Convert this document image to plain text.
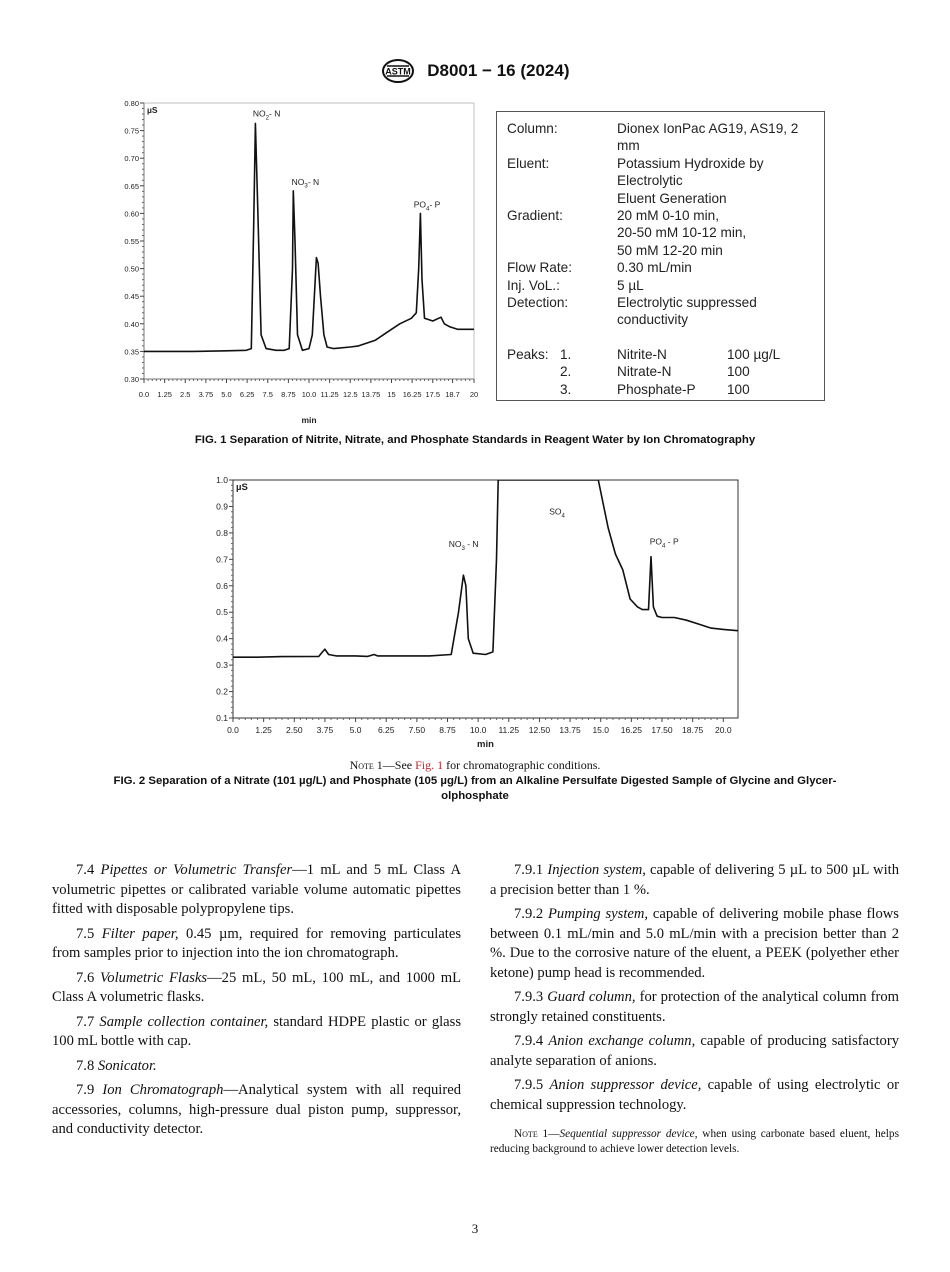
ASTM D8001 − 16 (2024)
0.80
0.75
0.70
0.65
0.60
0.55
0.50
0.45
0.40
0.35
0.30
0.0 1.25 2.5 3.75 5.0 6.25 7.5 8.75 10.0 11.25 12.5 13.75 15 16.25 17.5 18.7 20
µS
min
$NO_2-$ N
$NO_3-$ N
$PO_4-$ P
Column:	Dionex IonPac AG19, AS19, 2
mm
Eluent:	Potassium Hydroxide by
Electrolytic
Eluent Generation
Gradient:	20 mM 0-10 min,
20-50 mM 10-12 min,
50 mM 12-20 min
Flow Rate:	0.30 mL/min
Inj. VoL.:	5 µL
Detection:	Electrolytic suppressed
conductivity
Peaks: 1.	Nitrite-N	100 µg/L
2.	Nitrate-N	100
3.	Phosphate-P 100
FIG. 1 Separation of Nitrite, Nitrate, and Phosphate Standards in Reagent Water by Ion Chromatography
1.0
0.9
0.8
0.7
0.6
0.5
0.4
0.3
0.2
0.1
0.0 1.25 2.50 3.75 5.0 6.25 7.50 8.75 10.0 11.25 12.50 13.75 15.0 16.25 17.50 18.75 20.0
µS
min
$NO_3$ - N
$SO_4$
$PO_4$ - P
Note 1—See Fig. 1 for chromatographic conditions.
FIG. 2 Separation of a Nitrate (101 µg/L) and Phosphate (105 µg/L) from an Alkaline Persulfate Digested Sample of Glycine and Glycer-
olphosphate

7.4 Pipettes or Volumetric Transfer—1 mL and 5 mL Class A volumetric pipettes or calibrated variable volume automatic pipettes fitted with disposable polypropylene tips.

7.5 Filter paper, 0.45 µm, required for removing particulates from samples prior to injection into the ion chromatograph.

7.6 Volumetric Flasks—25 mL, 50 mL, 100 mL, and 1000 mL Class A volumetric flasks.

7.7 Sample collection container, standard HDPE plastic or glass 100 mL bottle with cap.

7.8 Sonicator.

7.9 Ion Chromatograph—Analytical system with all required accessories, columns, high-pressure dual piston pump, suppressor, and conductivity detector.

7.9.1 Injection system, capable of delivering 5 µL to 500 µL with a precision better than 1 %.

7.9.2 Pumping system, capable of delivering mobile phase flows between 0.1 mL/min and 5.0 mL/min with a precision better than 2 %. Due to the corrosive nature of the eluent, a PEEK (polyether ether ketone) pump head is recommended.

7.9.3 Guard column, for protection of the analytical column from strongly retained constituents.

7.9.4 Anion exchange column, capable of producing satisfactory analyte separation of anions.

7.9.5 Anion suppressor device, capable of using electrolytic or chemical suppression technology.

Note 1—Sequential suppressor device, when using carbonate based eluent, helps reducing background to achieve lower detection levels.

3
